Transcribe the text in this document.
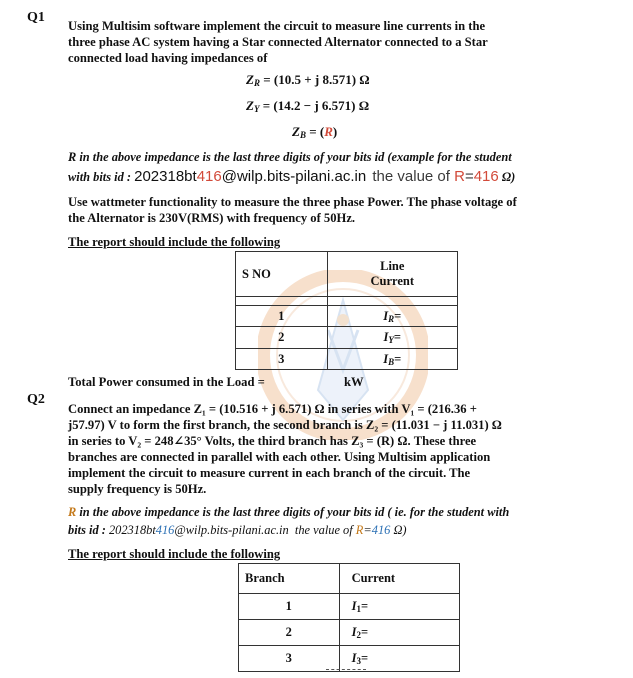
Q1
Using Multisim software implement the circuit to measure line currents in the
three phase AC system having a Star connected Alternator connected to a Star
connected load having impedances of
$Z_R = (10.5 + j$ 8.571) Ω
$Z_Y = (14.2 - j$ 6.571) Ω
$Z_B = (R)$
R in the above impedance is the last three digits of your bits id (example for the student
with bits id : 202318bt416@wilp.bits-pilani.ac.in the value of R=416 Ω)
Use wattmeter functionality to measure the three phase Power. The phase voltage of
the Alternator is 230V(RMS) with frequency of 50Hz.
The report should include the following
S NO	Line
Current

1	$I_R=$
2	$I_Y=$
3	$I_B=$
Total Power consumed in the Load =	kW
Q2
Connect an impedance Z₁ = (10.516 + j 6.571) Ω in series with V₁ = (216.36 +
j57.97) V to form the first branch, the second branch is Z₂ = (11.031 − j 11.031) Ω
in series to V₂ = 248∠35° Volts, the third branch has Z₃ = (R) Ω. These three
branches are connected in parallel with each other. Using Multisim application
implement the circuit to measure current in each branch of the circuit. The
supply frequency is 50Hz.
R in the above impedance is the last three digits of your bits id ( ie. for the student with
bits id : 202318bt416@wilp.bits-pilani.ac.in the value of R=416 Ω)
The report should include the following
Branch	Current
1	$I_1=$
2	$I_2=$
3	$I_3=$
